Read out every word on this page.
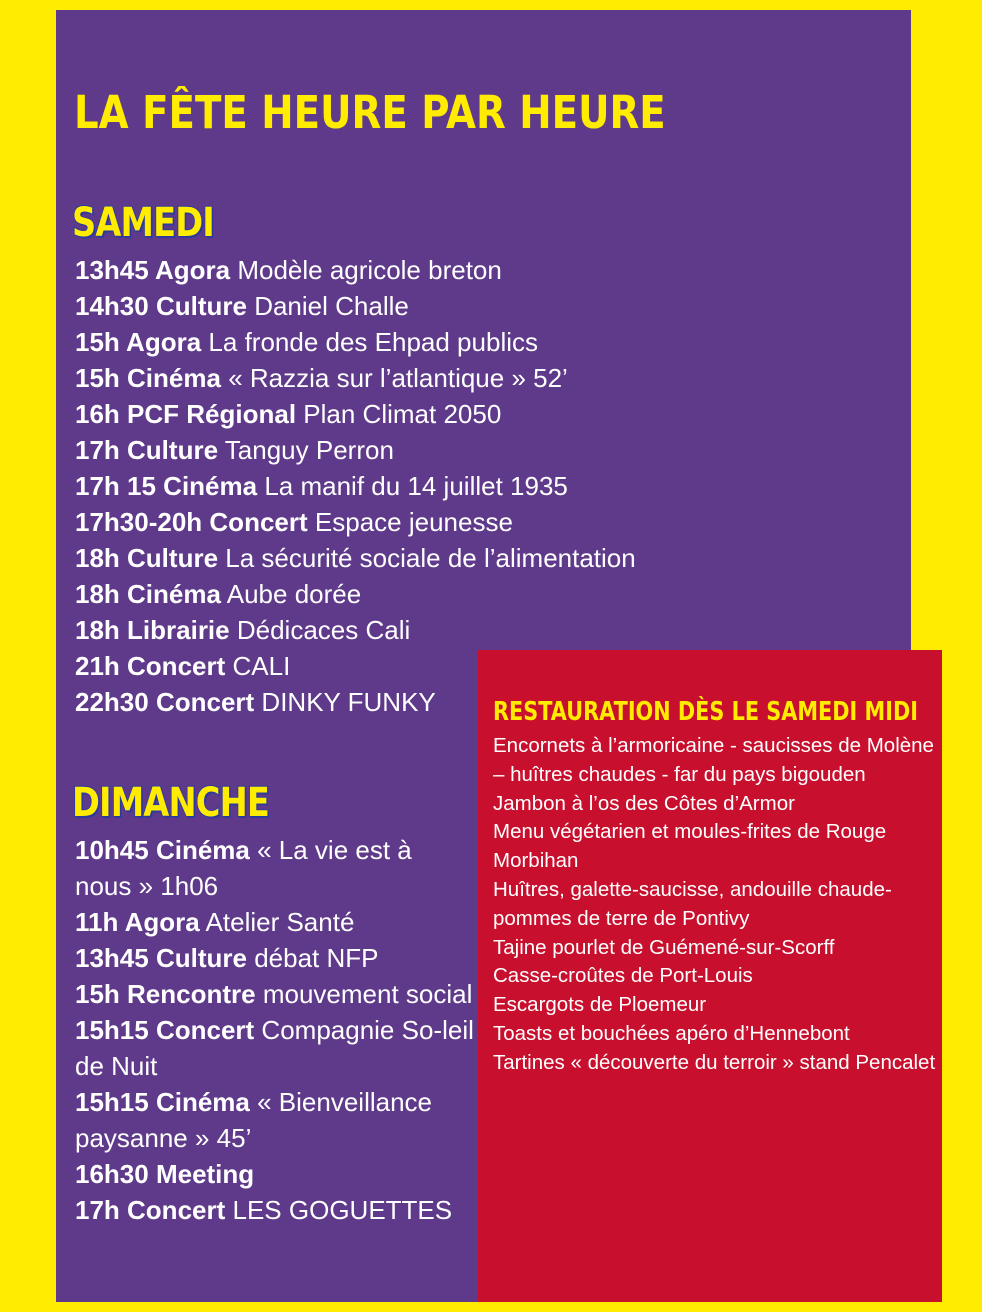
LA FÊTE HEURE PAR HEURE
SAMEDI
13h45 Agora Modèle agricole breton
14h30 Culture Daniel Challe
15h Agora La fronde des Ehpad publics
15h Cinéma « Razzia sur l’atlantique » 52’
16h PCF Régional Plan Climat 2050
17h Culture Tanguy Perron
17h 15 Cinéma La manif du 14 juillet 1935
17h30-20h Concert Espace jeunesse
18h Culture La sécurité sociale de l’alimentation
18h Cinéma Aube dorée
18h Librairie Dédicaces Cali
21h Concert CALI
22h30 Concert DINKY FUNKY
DIMANCHE
10h45 Cinéma « La vie est à nous » 1h06
11h Agora Atelier Santé
13h45 Culture débat NFP
15h Rencontre mouvement social
15h15 Concert Compagnie So-leil de Nuit
15h15 Cinéma « Bienveillance paysanne » 45’
16h30 Meeting
17h Concert LES GOGUETTES
RESTAURATION DÈS LE SAMEDI MIDI
Encornets à l’armoricaine - saucisses de Molène – huîtres chaudes - far du pays bigouden
Jambon à l’os des Côtes d’Armor
Menu végétarien et moules-frites de Rouge Morbihan
Huîtres, galette-saucisse, andouille chaude-pommes de terre de Pontivy
Tajine pourlet de Guémené-sur-Scorff
Casse-croûtes de Port-Louis
Escargots de Ploemeur
Toasts et bouchées apéro d’Hennebont
Tartines « découverte du terroir » stand Pencalet
